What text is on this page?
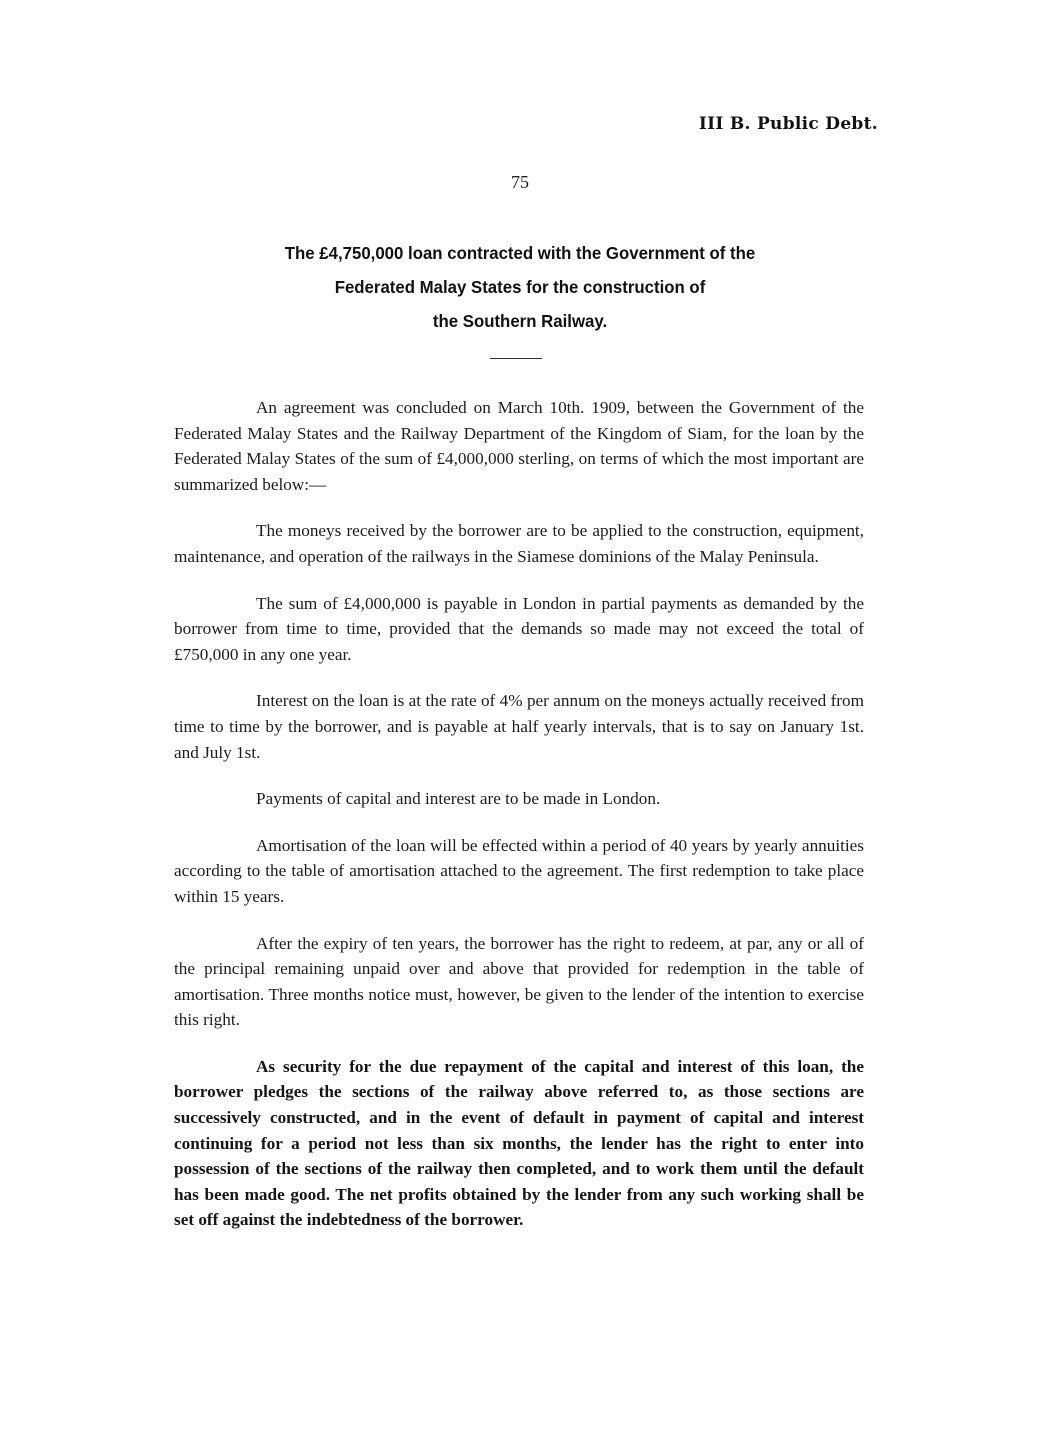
III B. Public Debt.
75
The £4,750,000 loan contracted with the Government of the
Federated Malay States for the construction of
the Southern Railway.

An agreement was concluded on March 10th. 1909, between the Government of the Federated Malay States and the Railway Department of the Kingdom of Siam, for the loan by the Federated Malay States of the sum of £4,000,000 sterling, on terms of which the most important are summarized below:—

The moneys received by the borrower are to be applied to the construction, equipment, maintenance, and operation of the railways in the Siamese dominions of the Malay Peninsula.

The sum of £4,000,000 is payable in London in partial payments as demanded by the borrower from time to time, provided that the demands so made may not exceed the total of £750,000 in any one year.

Interest on the loan is at the rate of 4% per annum on the moneys actually received from time to time by the borrower, and is payable at half yearly intervals, that is to say on January 1st. and July 1st.

Payments of capital and interest are to be made in London.

Amortisation of the loan will be effected within a period of 40 years by yearly annuities according to the table of amortisation attached to the agreement. The first redemption to take place within 15 years.

After the expiry of ten years, the borrower has the right to redeem, at par, any or all of the principal remaining unpaid over and above that provided for redemption in the table of amortisation. Three months notice must, however, be given to the lender of the intention to exercise this right.

As security for the due repayment of the capital and interest of this loan, the borrower pledges the sections of the railway above referred to, as those sections are successively constructed, and in the event of default in payment of capital and interest continuing for a period not less than six months, the lender has the right to enter into possession of the sections of the railway then completed, and to work them until the default has been made good. The net profits obtained by the lender from any such working shall be set off against the indebtedness of the borrower.
